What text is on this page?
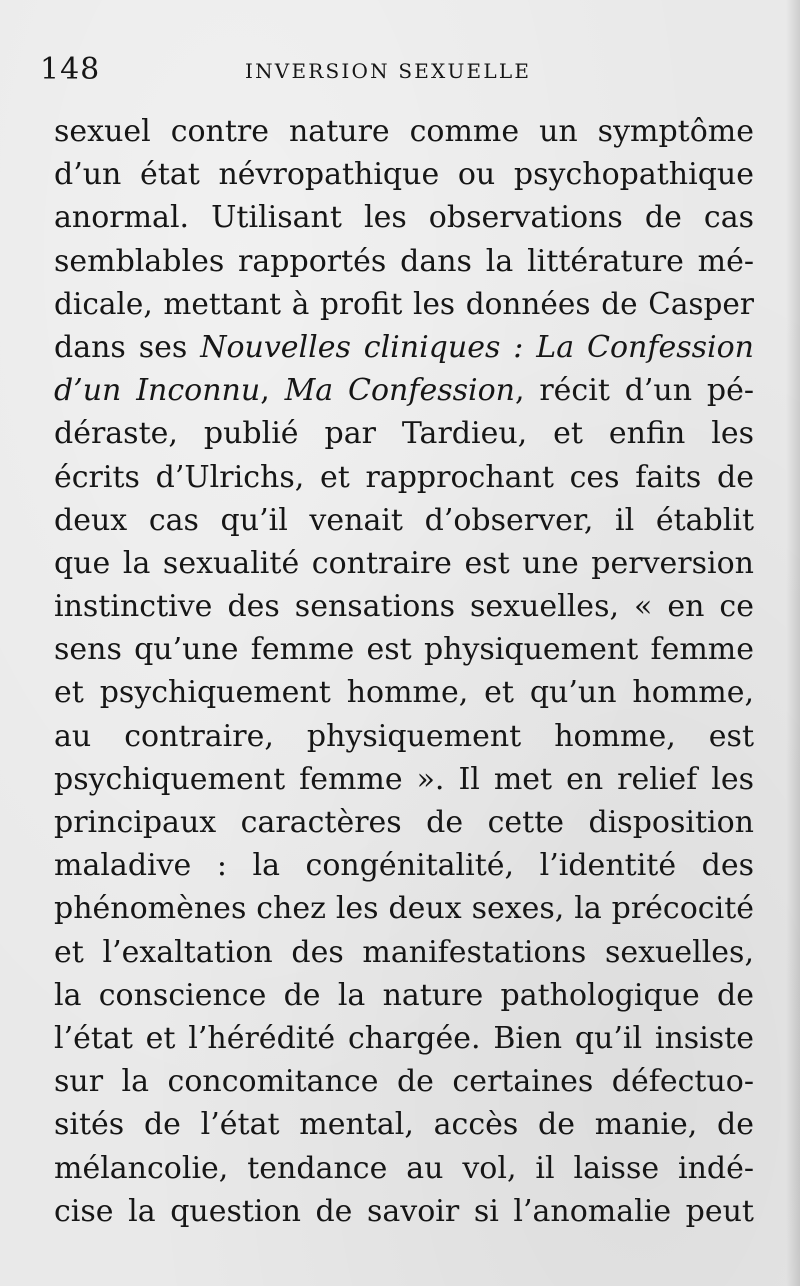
148	INVERSION SEXUELLE
sexuel contre nature comme un symptôme
d’un état névropathique ou psychopathique
anormal. Utilisant les observations de cas
semblables rapportés dans la littérature mé-
dicale, mettant à profit les données de Casper
dans ses Nouvelles cliniques : La Confession
d’un Inconnu, Ma Confession, récit d’un pé-
déraste, publié par Tardieu, et enfin les
écrits d’Ulrichs, et rapprochant ces faits de
deux cas qu’il venait d’observer, il établit
que la sexualité contraire est une perversion
instinctive des sensations sexuelles, « en ce
sens qu’une femme est physiquement femme
et psychiquement homme, et qu’un homme,
au contraire, physiquement homme, est
psychiquement femme ». Il met en relief les
principaux caractères de cette disposition
maladive : la congénitalité, l’identité des
phénomènes chez les deux sexes, la précocité
et l’exaltation des manifestations sexuelles,
la conscience de la nature pathologique de
l’état et l’hérédité chargée. Bien qu’il insiste
sur la concomitance de certaines défectuo-
sités de l’état mental, accès de manie, de
mélancolie, tendance au vol, il laisse indé-
cise la question de savoir si l’anomalie peut
